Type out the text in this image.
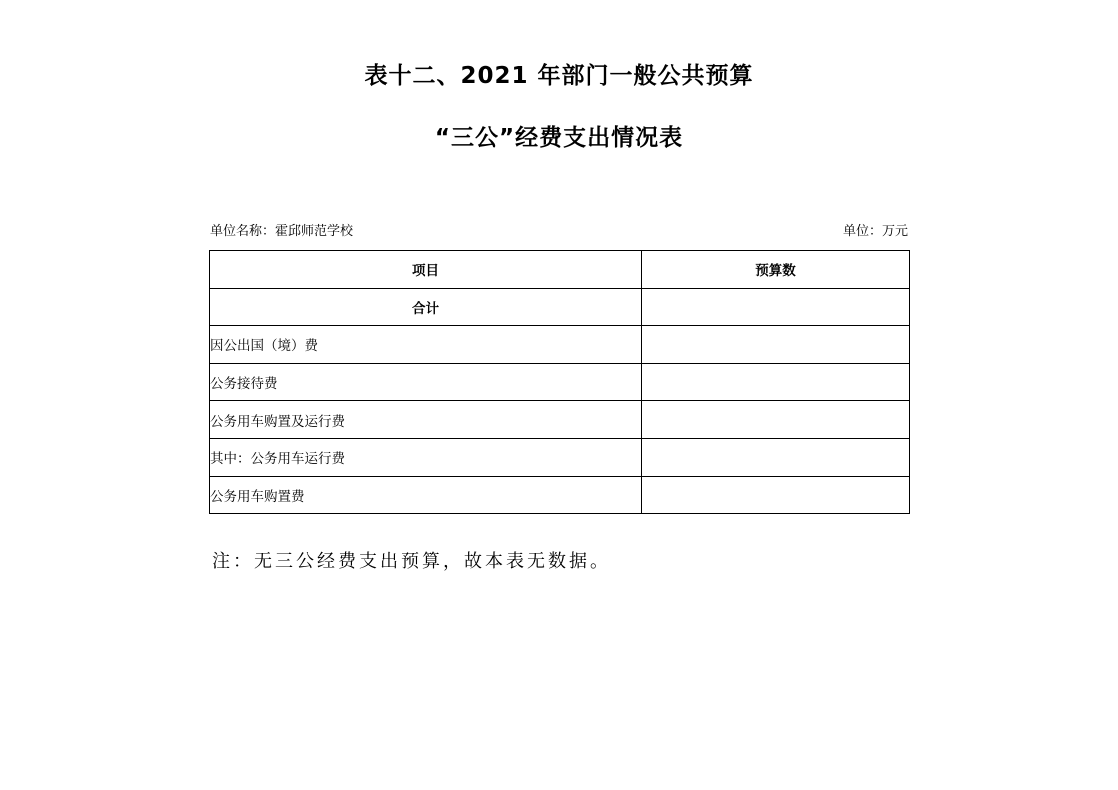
表十二、2021 年部门一般公共预算
“三公”经费支出情况表
单位名称：霍邱师范学校	单位：万元
项目	预算数
合计	
因公出国（境）费	
公务接待费	
公务用车购置及运行费	
其中：公务用车运行费	
公务用车购置费	
注：无三公经费支出预算，故本表无数据。
